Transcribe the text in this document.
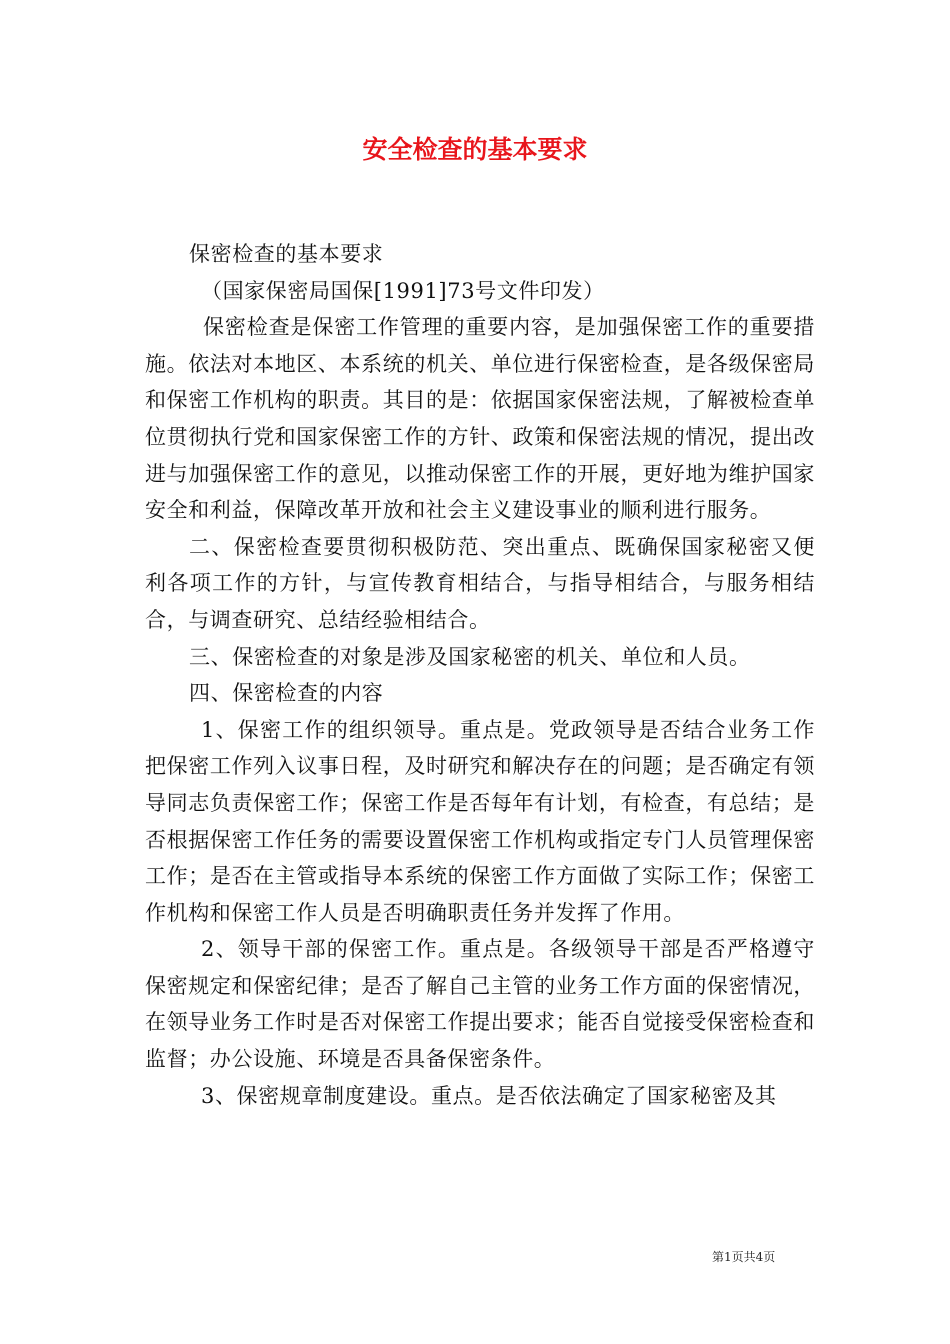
安全检查的基本要求

保密检查的基本要求

（国家保密局国保[1991]73号文件印发）

保密检查是保密工作管理的重要内容，是加强保密工作的重要措施。依法对本地区、本系统的机关、单位进行保密检查，是各级保密局和保密工作机构的职责。其目的是：依据国家保密法规，了解被检查单位贯彻执行党和国家保密工作的方针、政策和保密法规的情况，提出改进与加强保密工作的意见，以推动保密工作的开展，更好地为维护国家安全和利益，保障改革开放和社会主义建设事业的顺利进行服务。

二、保密检查要贯彻积极防范、突出重点、既确保国家秘密又便利各项工作的方针，与宣传教育相结合，与指导相结合，与服务相结合，与调查研究、总结经验相结合。

三、保密检查的对象是涉及国家秘密的机关、单位和人员。

四、保密检查的内容

1、保密工作的组织领导。重点是。党政领导是否结合业务工作把保密工作列入议事日程，及时研究和解决存在的问题；是否确定有领导同志负责保密工作；保密工作是否每年有计划，有检查，有总结；是否根据保密工作任务的需要设置保密工作机构或指定专门人员管理保密工作；是否在主管或指导本系统的保密工作方面做了实际工作；保密工作机构和保密工作人员是否明确职责任务并发挥了作用。

2、领导干部的保密工作。重点是。各级领导干部是否严格遵守保密规定和保密纪律；是否了解自己主管的业务工作方面的保密情况，在领导业务工作时是否对保密工作提出要求；能否自觉接受保密检查和监督；办公设施、环境是否具备保密条件。

3、保密规章制度建设。重点。是否依法确定了国家秘密及其

第1页共4页
